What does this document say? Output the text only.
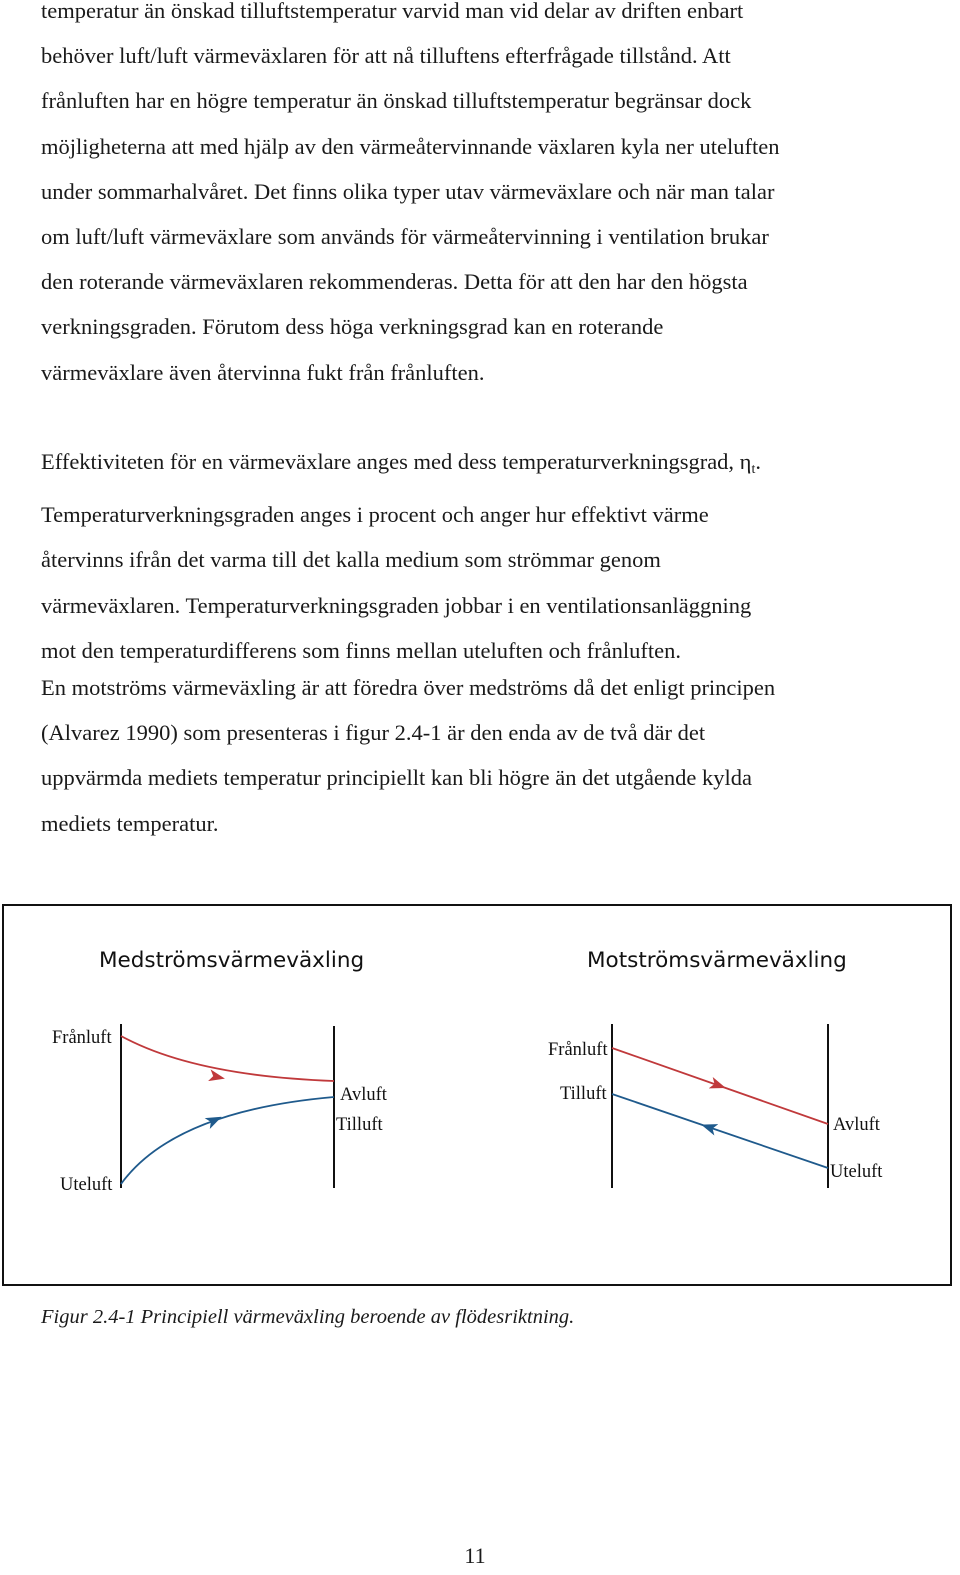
temperatur än önskad tilluftstemperatur varvid man vid delar av driften enbart
behöver luft/luft värmeväxlaren för att nå tilluftens efterfrågade tillstånd. Att
frånluften har en högre temperatur än önskad tilluftstemperatur begränsar dock
möjligheterna att med hjälp av den värmeåtervinnande växlaren kyla ner uteluften
under sommarhalvåret. Det finns olika typer utav värmeväxlare och när man talar
om luft/luft värmeväxlare som används för värmeåtervinning i ventilation brukar
den roterande värmeväxlaren rekommenderas. Detta för att den har den högsta
verkningsgraden. Förutom dess höga verkningsgrad kan en roterande
värmeväxlare även återvinna fukt från frånluften.
Effektiviteten för en värmeväxlare anges med dess temperaturverkningsgrad, ηt.
Temperaturverkningsgraden anges i procent och anger hur effektivt värme
återvinns ifrån det varma till det kalla medium som strömmar genom
värmeväxlaren. Temperaturverkningsgraden jobbar i en ventilationsanläggning
mot den temperaturdifferens som finns mellan uteluften och frånluften.
En motströms värmeväxling är att föredra över medströms då det enligt principen
(Alvarez 1990) som presenteras i figur 2.4-1 är den enda av de två där det
uppvärmda mediets temperatur principiellt kan bli högre än det utgående kylda
mediets temperatur.
Medströmsvärmeväxling
Frånluft
Uteluft
Avluft
Tilluft
Motströmsvärmeväxling
Frånluft
Tilluft
Avluft
Uteluft

Figur 2.4-1 Principiell värmeväxling beroende av flödesriktning.

11
